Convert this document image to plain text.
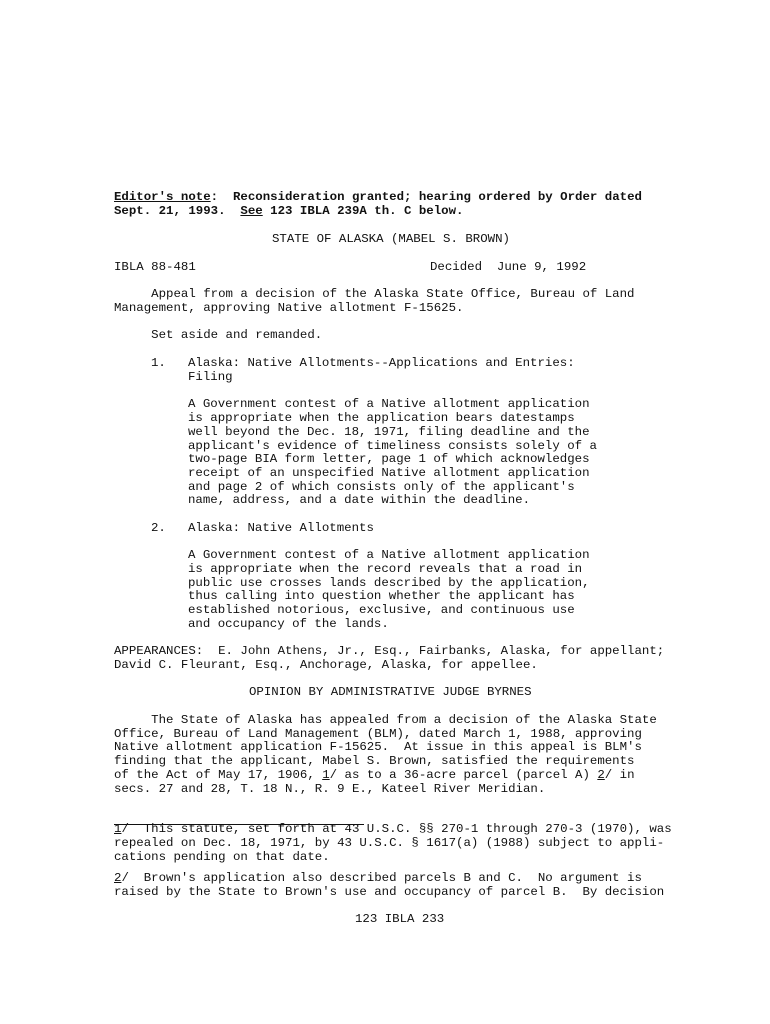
Editor's note:  Reconsideration granted; hearing ordered by Order dated
Sept. 21, 1993.  See 123 IBLA 239A th. C below.
STATE OF ALASKA (MABEL S. BROWN)
IBLA 88-481	Decided  June 9, 1992
Appeal from a decision of the Alaska State Office, Bureau of Land
Management, approving Native allotment F-15625.
Set aside and remanded.
1. Alaska: Native Allotments--Applications and Entries:
Filing
A Government contest of a Native allotment application
is appropriate when the application bears datestamps
well beyond the Dec. 18, 1971, filing deadline and the
applicant's evidence of timeliness consists solely of a
two-page BIA form letter, page 1 of which acknowledges
receipt of an unspecified Native allotment application
and page 2 of which consists only of the applicant's
name, address, and a date within the deadline.
2. Alaska: Native Allotments
A Government contest of a Native allotment application
is appropriate when the record reveals that a road in
public use crosses lands described by the application,
thus calling into question whether the applicant has
established notorious, exclusive, and continuous use
and occupancy of the lands.
APPEARANCES:  E. John Athens, Jr., Esq., Fairbanks, Alaska, for appellant;
David C. Fleurant, Esq., Anchorage, Alaska, for appellee.
OPINION BY ADMINISTRATIVE JUDGE BYRNES
The State of Alaska has appealed from a decision of the Alaska State
Office, Bureau of Land Management (BLM), dated March 1, 1988, approving
Native allotment application F-15625.  At issue in this appeal is BLM's
finding that the applicant, Mabel S. Brown, satisfied the requirements
of the Act of May 17, 1906, 1/ as to a 36-acre parcel (parcel A) 2/ in
secs. 27 and 28, T. 18 N., R. 9 E., Kateel River Meridian.
1/  This statute, set forth at 43 U.S.C. §§ 270-1 through 270-3 (1970), was
repealed on Dec. 18, 1971, by 43 U.S.C. § 1617(a) (1988) subject to appli-
cations pending on that date.
2/  Brown's application also described parcels B and C.  No argument is
raised by the State to Brown's use and occupancy of parcel B.  By decision
123 IBLA 233
